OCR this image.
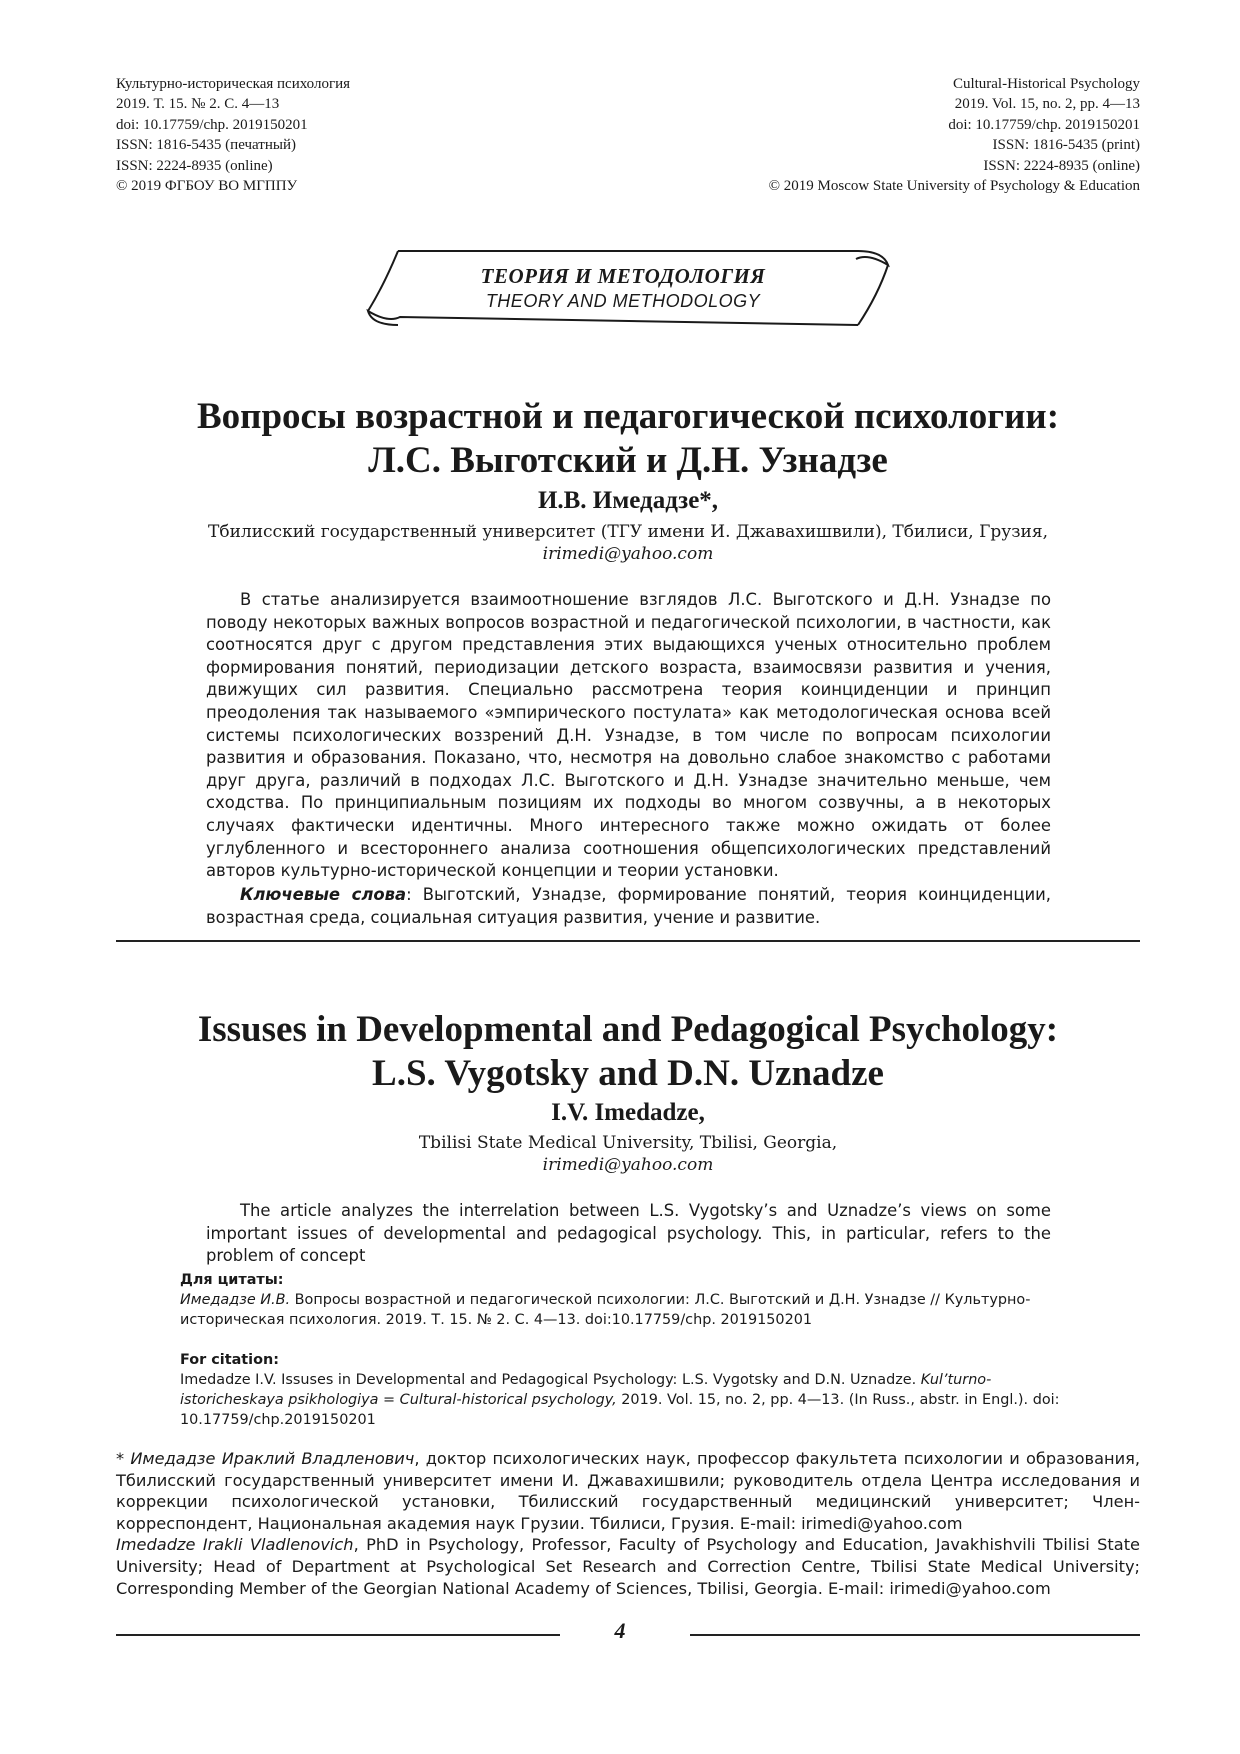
Культурно-историческая психология
2019. Т. 15. № 2. С. 4—13
doi: 10.17759/chp. 2019150201
ISSN: 1816-5435 (печатный)
ISSN: 2224-8935 (online)
© 2019 ФГБОУ ВО МГППУ
Cultural-Historical Psychology
2019. Vol. 15, no. 2, pp. 4—13
doi: 10.17759/chp. 2019150201
ISSN: 1816-5435 (print)
ISSN: 2224-8935 (online)
© 2019 Moscow State University of Psychology & Education
ТЕОРИЯ И МЕТОДОЛОГИЯ
THEORY AND METHODOLOGY
Вопросы возрастной и педагогической психологии:
Л.С. Выготский и Д.Н. Узнадзе
И.В. Имедадзе*,
Тбилисский государственный университет (ТГУ имени И. Джавахишвили), Тбилиси, Грузия,
irimedi@yahoo.com

В статье анализируется взаимоотношение взглядов Л.С. Выготского и Д.Н. Узнадзе по поводу некоторых важных вопросов возрастной и педагогической психологии, в частности, как соотносятся друг с другом представления этих выдающихся ученых относительно проблем формирования понятий, периодизации детского возраста, взаимосвязи развития и учения, движущих сил развития. Специально рассмотрена теория коинциденции и принцип преодоления так называемого «эмпирического постулата» как методологическая основа всей системы психологических воззрений Д.Н. Узнадзе, в том числе по вопросам психологии развития и образования. Показано, что, несмотря на довольно слабое знакомство с работами друг друга, различий в подходах Л.С. Выготского и Д.Н. Узнадзе значительно меньше, чем сходства. По принципиальным позициям их подходы во многом созвучны, а в некоторых случаях фактически идентичны. Много интересного также можно ожидать от более углубленного и всестороннего анализа соотношения общепсихологических представлений авторов культурно-исторической концепции и теории установки.

Ключевые слова: Выготский, Узнадзе, формирование понятий, теория коинциденции, возрастная среда, социальная ситуация развития, учение и развитие.

Issuses in Developmental and Pedagogical Psychology:
L.S. Vygotsky and D.N. Uznadze
I.V. Imedadze,
Tbilisi State Medical University, Tbilisi, Georgia,
irimedi@yahoo.com

The article analyzes the interrelation between L.S. Vygotsky’s and Uznadze’s views on some important issues of developmental and pedagogical psychology. This, in particular, refers to the problem of concept

Для цитаты:
Имедадзе И.В. Вопросы возрастной и педагогической психологии: Л.С. Выготский и Д.Н. Узнадзе // Культурно-историческая психология. 2019. Т. 15. № 2. С. 4—13. doi:10.17759/chp. 2019150201
For citation:
Imedadze I.V. Issuses in Developmental and Pedagogical Psychology: L.S. Vygotsky and D.N. Uznadze. Kul’turno-istoricheskaya psikhologiya = Cultural-historical psychology, 2019. Vol. 15, no. 2, pp. 4—13. (In Russ., abstr. in Engl.). doi: 10.17759/chp.2019150201

* Имедадзе Ираклий Владленович, доктор психологических наук, профессор факультета психологии и образования, Тбилисский государственный университет имени И. Джавахишвили; руководитель отдела Центра исследования и коррекции психологической установки, Тбилисский государственный медицинский университет; Член-корреспондент, Национальная академия наук Грузии. Тбилиси, Грузия. E-mail: irimedi@yahoo.com

Imedadze Irakli Vladlenovich, PhD in Psychology, Professor, Faculty of Psychology and Education, Javakhishvili Tbilisi State University; Head of Department at Psychological Set Research and Correction Centre, Tbilisi State Medical University; Corresponding Member of the Georgian National Academy of Sciences, Tbilisi, Georgia. E-mail: irimedi@yahoo.com

4
